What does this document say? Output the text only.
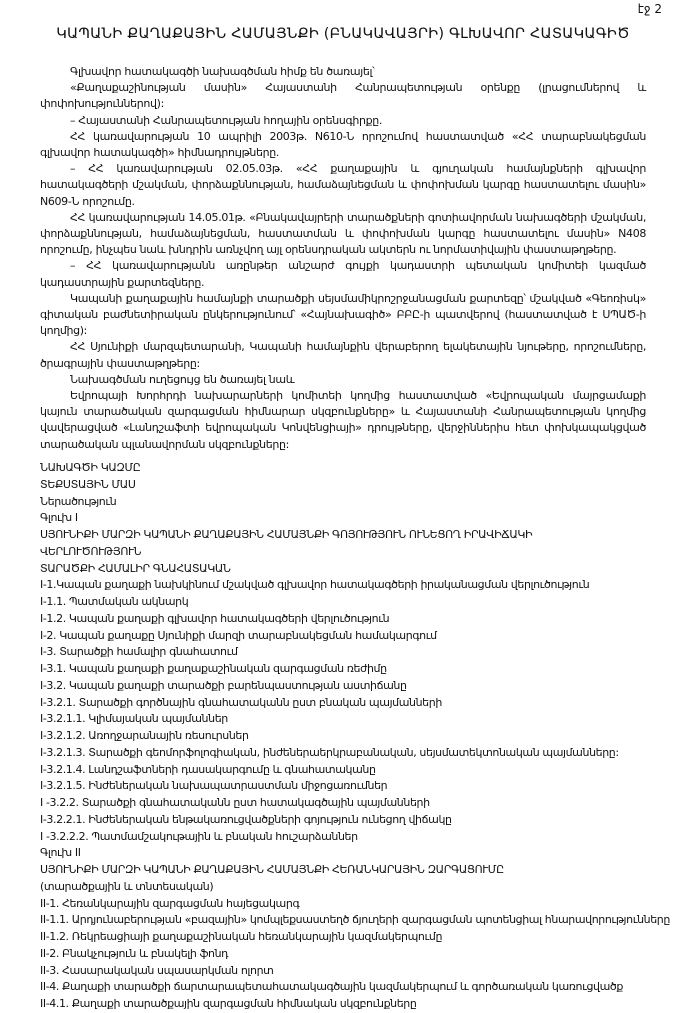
էջ 2
ԿԱՊԱՆԻ ՔԱՂԱՔԱՅԻՆ ՀԱՄԱՅՆՔԻ (ԲՆԱԿԱՎԱՅՐԻ) ԳԼԽԱՎՈՐ ՀԱՏԱԿԱԳԻԾ

Գլխավոր հատակագծի նախագծման հիմք են ծառայել՝

«Քաղաքաշինության մասին» Հայաստանի Հանրապետության օրենքը (լրացումներով և փոփոխություններով):

– Հայաստանի Հանրապետության հողային օրենսգիրքը.

ՀՀ կառավարության 10 ապրիլի 2003թ. N610-Ն որոշումով հաստատված «ՀՀ տարաբնակեցման գլխավոր հատակագծի» հիմնադրույթները.

– ՀՀ կառավարության 02.05.03թ. «ՀՀ քաղաքային և գյուղական համայնքների գլխավոր հատակագծերի մշակման, փորձաքննության, համաձայնեցման և փոփոխման կարգը հաստատելու մասին» N609-Ն որոշումը.

ՀՀ կառավարության 14.05.01թ. «Բնակավայրերի տարածքների գոտիավորման նախագծերի մշակման, փորձաքննության, համաձայնեցման, հաստատման և փոփոխման կարգը հաստատելու մասին» N408 որոշումը, ինչպես նաև խնդրին առնչվող այլ օրենսդրական ակտերն ու նորմատիվային փաստաթղթերը.

– ՀՀ կառավարությանն առընթեր անշարժ գույքի կադաստրի պետական կոմիտեի կազմած կադաստրային քարտեզները.

Կապանի քաղաքային համայնքի տարածքի սեյսմամիկրոշրջանացման քարտեզը՝ մշակված «Գեոռիսկ» գիտական բաժնետիրական ընկերությունում՝ «Հայնախագիծ» ԲԲԸ-ի պատվերով (հաստատված է ՍՊԱԾ-ի կողմից):

ՀՀ Սյունիքի մարզպետարանի, Կապանի համայնքին վերաբերող ելակետային նյութերը, որոշումները, ծրագրային փաստաթղթերը:

Նախագծման ուղեցույց են ծառայել նաև

Եվրոպայի Խորհրդի նախարարների կոմիտեի կողմից հաստատված «Եվրոպական մայրցամաքի կայուն տարածական զարգացման հիմնարար սկզբունքները» և Հայաստանի Հանրապետության կողմից վավերացված «Լանդշաֆտի եվրոպական Կոնվենցիայի» դրույթները, վերջիններիս հետ փոխկապակցված տարածական պլանավորման սկզբունքները:

ՆԱԽԱԳԾԻ ԿԱԶՄԸ
ՏԵՔՍՏԱՅԻՆ ՄԱՍ
Ներածություն
Գլուխ I
ՍՅՈՒՆԻՔԻ ՄԱՐԶԻ ԿԱՊԱՆԻ ՔԱՂԱՔԱՅԻՆ ՀԱՄԱՅՆՔԻ ԳՈՅՈՒԹՅՈՒՆ ՈՒՆԵՑՈՂ ԻՐԱՎԻՃԱԿԻ
ՎԵՐԼՈՒԾՈՒԹՅՈՒՆ
ՏԱՐԱԾՔԻ ՀԱՄԱԼԻՐ ԳՆԱՀԱՏԱԿԱՆ
I-1.Կապան քաղաքի նախկինում մշակված գլխավոր հատակագծերի իրականացման վերլուծություն
I-1.1. Պատմական ակնարկ
I-1.2. Կապան քաղաքի գլխավոր հատակագծերի վերլուծություն
I-2. Կապան քաղաքը Սյունիքի մարզի տարաբնակեցման համակարգում
I-3. Տարածքի համալիր գնահատում
I-3.1. Կապան քաղաքի քաղաքաշինական զարգացման ռեժիմը
I-3.2. Կապան քաղաքի տարածքի բարենպաստության աստիճանը
I-3.2.1. Տարածքի գործնային գնահատականն ըստ բնական պայմանների
I-3.2.1.1. Կլիմայական պայմաններ
I-3.2.1.2. Առողջարանային ռեսուրսներ
I-3.2.1.3. Տարածքի գեոմորֆոլոգիական, ինժեներաերկրաբանական, սեյսմատեկտոնական պայմանները:
I-3.2.1.4. Լանդշաֆտների դասակարգումը և գնահատականը
I-3.2.1.5. Ինժեներական նախապատրաստման միջոցառումներ
I -3.2.2. Տարածքի գնահատականն ըստ հատակագծային պայմանների
I-3.2.2.1. Ինժեներական ենթակառուցվածքների գոյություն ունեցող վիճակը
I -3.2.2.2. Պատմամշակութային և բնական հուշարձաններ
Գլուխ II
ՍՅՈՒՆԻՔԻ ՄԱՐԶԻ ԿԱՊԱՆԻ ՔԱՂԱՔԱՅԻՆ ՀԱՄԱՅՆՔԻ ՀԵՌԱՆԿԱՐԱՅԻՆ ԶԱՐԳԱՑՈՒՄԸ
(տարածքային և տնտեսական)
II-1. Հեռանկարային զարգացման հայեցակարգ
II-1.1. Արդյունաբերության «բազային» կոմպլեքսաստեղծ ճյուղերի զարգացման պոտենցիալ հնարավորությունները
II-1.2. Ռեկրեացիայի քաղաքաշինական հեռանկարային կազմակերպումը
II-2. Բնակչություն և բնակելի ֆոնդ
II-3. Հասարակական սպասարկման ոլորտ
II-4. Քաղաքի տարածքի ճարտարապետահատակագծային կազմակերպում և գործառական կառուցվածք
II-4.1. Քաղաքի տարածքային զարգացման հիմնական սկզբունքները
